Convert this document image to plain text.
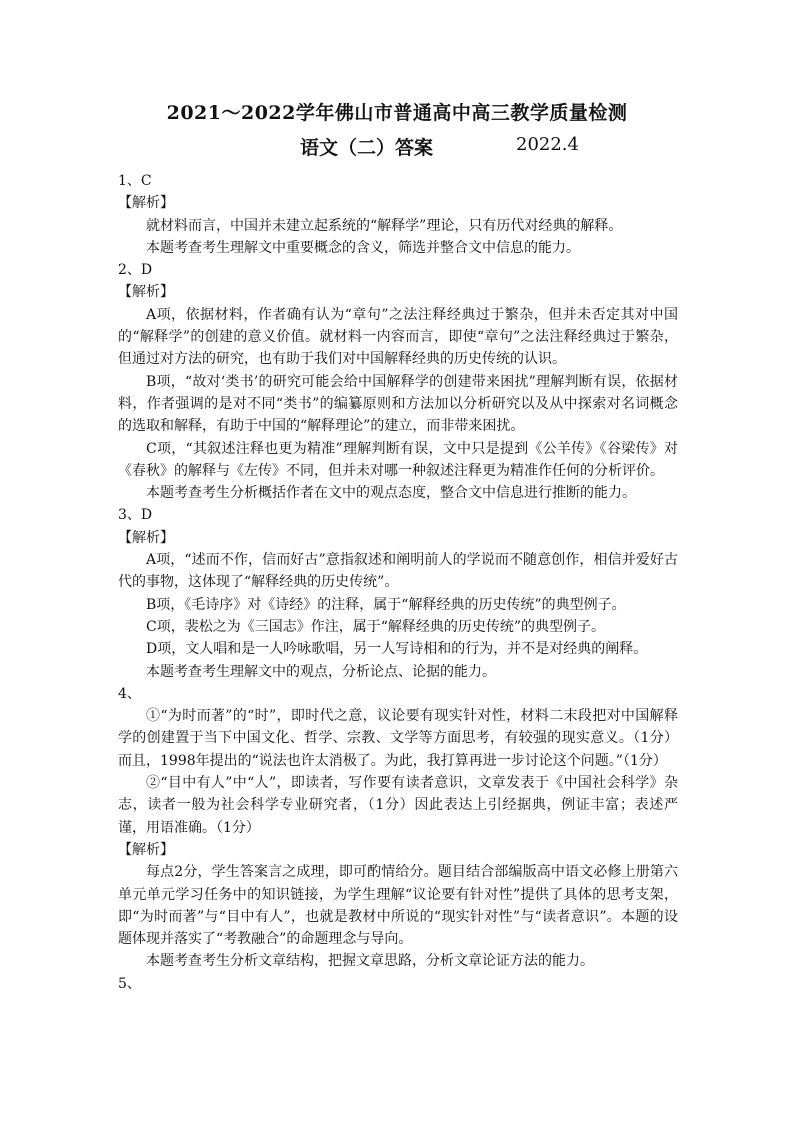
2021～2022学年佛山市普通高中高三教学质量检测
语文（二）答案	2022.4

1、C

【解析】

就材料而言，中国并未建立起系统的“解释学”理论，只有历代对经典的解释。

本题考查考生理解文中重要概念的含义，筛选并整合文中信息的能力。

2、D

【解析】

A项，依据材料，作者确有认为“章句”之法注释经典过于繁杂，但并未否定其对中国的“解释学”的创建的意义价值。就材料一内容而言，即使“章句”之法注释经典过于繁杂，但通过对方法的研究，也有助于我们对中国解释经典的历史传统的认识。

B项，“故对‘类书’的研究可能会给中国解释学的创建带来困扰”理解判断有误，依据材料，作者强调的是对不同“类书”的编纂原则和方法加以分析研究以及从中探索对名词概念的选取和解释，有助于中国的“解释理论”的建立，而非带来困扰。

C项，“其叙述注释也更为精准”理解判断有误，文中只是提到《公羊传》《谷梁传》对《春秋》的解释与《左传》不同，但并未对哪一种叙述注释更为精准作任何的分析评价。

本题考查考生分析概括作者在文中的观点态度，整合文中信息进行推断的能力。

3、D

【解析】

A项，“述而不作，信而好古”意指叙述和阐明前人的学说而不随意创作，相信并爱好古代的事物，这体现了“解释经典的历史传统”。

B项，《毛诗序》对《诗经》的注释，属于“解释经典的历史传统”的典型例子。

C项，裴松之为《三国志》作注，属于“解释经典的历史传统”的典型例子。

D项，文人唱和是一人吟咏歌唱，另一人写诗相和的行为，并不是对经典的阐释。

本题考查考生理解文中的观点，分析论点、论据的能力。

4、

①“为时而著”的“时”，即时代之意，议论要有现实针对性，材料二末段把对中国解释学的创建置于当下中国文化、哲学、宗教、文学等方面思考，有较强的现实意义。（1分）而且，1998年提出的“说法也许太消极了。为此，我打算再进一步讨论这个问题。”（1分）

②“目中有人”中“人”，即读者，写作要有读者意识，文章发表于《中国社会科学》杂志，读者一般为社会科学专业研究者，（1分）因此表达上引经据典，例证丰富；表述严谨，用语准确。（1分）

【解析】

每点2分，学生答案言之成理，即可酌情给分。题目结合部编版高中语文必修上册第六单元单元学习任务中的知识链接，为学生理解“议论要有针对性”提供了具体的思考支架，即“为时而著”与“目中有人”，也就是教材中所说的“现实针对性”与“读者意识”。本题的设题体现并落实了“考教融合”的命题理念与导向。

本题考查考生分析文章结构，把握文章思路，分析文章论证方法的能力。

5、
